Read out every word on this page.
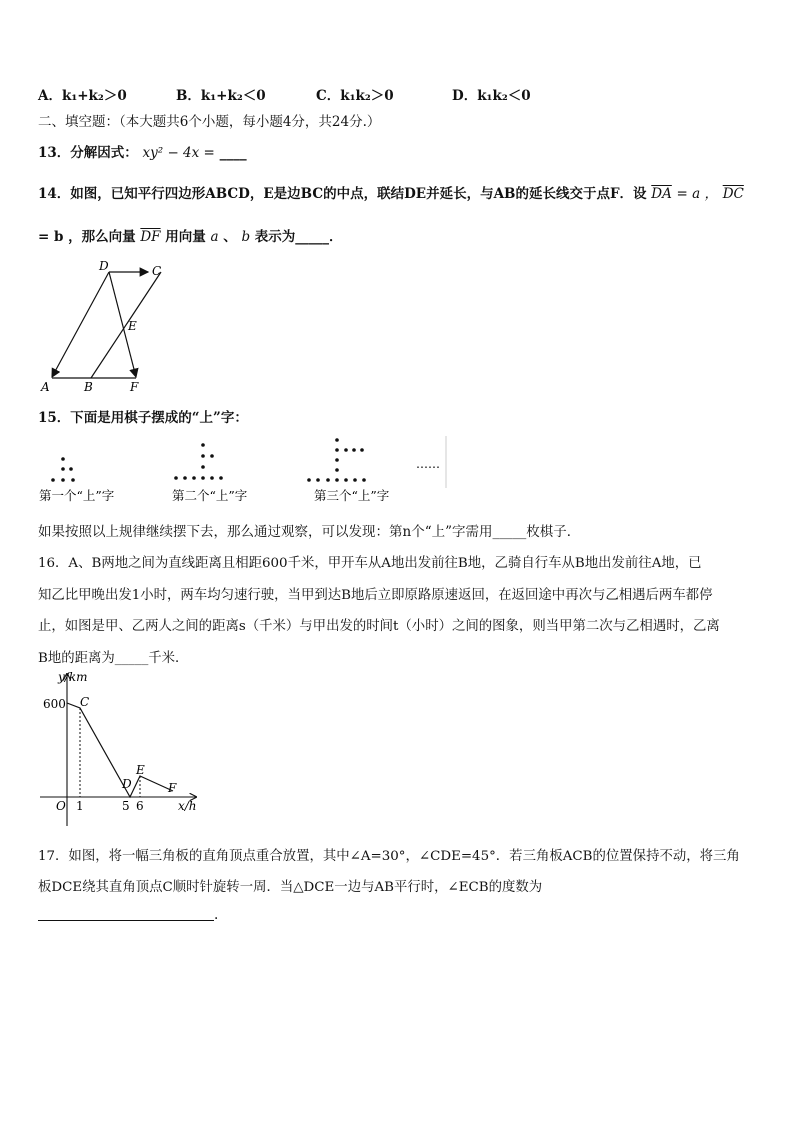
A．k₁+k₂＞0	B．k₁+k₂＜0	C．k₁k₂＞0	D．k₁k₂＜0
二、填空题：（本大题共6个小题，每小题4分，共24分.）
13．分解因式： xy² − 4x = ____
14．如图，已知平行四边形ABCD，E是边BC的中点，联结DE并延长，与AB的延长线交于点F．设 $\overline{DA} = a$ ， $\overline{DC}$
= b ，那么向量 $\overline{DF}$ 用向量 a 、 b 表示为_____．
D	C
E
A	B	F
15．下面是用棋子摆成的“上”字：
……
第一个“上”字	第二个“上”字	第三个“上”字
如果按照以上规律继续摆下去，那么通过观察，可以发现：第n个“上”字需用_____枚棋子．
16．A、B两地之间为直线距离且相距600千米，甲开车从A地出发前往B地，乙骑自行车从B地出发前往A地，已
知乙比甲晚出发1小时，两车均匀速行驶，当甲到达B地后立即原路原速返回，在返回途中再次与乙相遇后两车都停
止，如图是甲、乙两人之间的距离s（千米）与甲出发的时间t（小时）之间的图象，则当甲第二次与乙相遇时，乙离
B地的距离为_____千米．
y/km
600 C
D
E
F
O 1	5 6	x/h
17．如图，将一幅三角板的直角顶点重合放置，其中∠A=30°，∠CDE=45°．若三角板ACB的位置保持不动，将三角
板DCE绕其直角顶点C顺时针旋转一周．当△DCE一边与AB平行时，∠ECB的度数为
.
